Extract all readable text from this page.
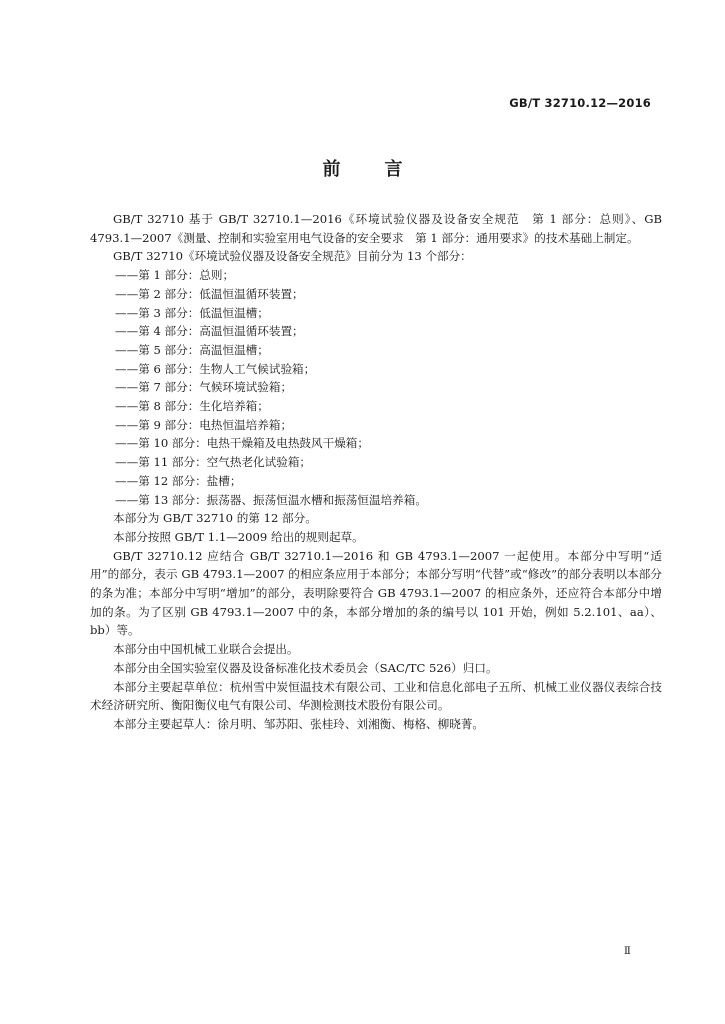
GB/T 32710.12—2016
前 言

GB/T 32710 基于 GB/T 32710.1—2016《环境试验仪器及设备安全规范　第 1 部分：总则》、GB 4793.1—2007《测量、控制和实验室用电气设备的安全要求　第 1 部分：通用要求》的技术基础上制定。

GB/T 32710《环境试验仪器及设备安全规范》目前分为 13 个部分：

——第 1 部分：总则；

——第 2 部分：低温恒温循环装置；

——第 3 部分：低温恒温槽；

——第 4 部分：高温恒温循环装置；

——第 5 部分：高温恒温槽；

——第 6 部分：生物人工气候试验箱；

——第 7 部分：气候环境试验箱；

——第 8 部分：生化培养箱；

——第 9 部分：电热恒温培养箱；

——第 10 部分：电热干燥箱及电热鼓风干燥箱；

——第 11 部分：空气热老化试验箱；

——第 12 部分：盐槽；

——第 13 部分：振荡器、振荡恒温水槽和振荡恒温培养箱。

本部分为 GB/T 32710 的第 12 部分。

本部分按照 GB/T 1.1—2009 给出的规则起草。

GB/T 32710.12 应结合 GB/T 32710.1—2016 和 GB 4793.1—2007 一起使用。本部分中写明“适用”的部分，表示 GB 4793.1—2007 的相应条应用于本部分；本部分写明“代替”或“修改”的部分表明以本部分的条为准；本部分中写明“增加”的部分，表明除要符合 GB 4793.1—2007 的相应条外，还应符合本部分中增加的条。为了区别 GB 4793.1—2007 中的条，本部分增加的条的编号以 101 开始，例如 5.2.101、aa）、bb）等。

本部分由中国机械工业联合会提出。

本部分由全国实验室仪器及设备标准化技术委员会（SAC/TC 526）归口。

本部分主要起草单位：杭州雪中炭恒温技术有限公司、工业和信息化部电子五所、机械工业仪器仪表综合技术经济研究所、衡阳衡仪电气有限公司、华测检测技术股份有限公司。

本部分主要起草人：徐月明、邹苏阳、张桂玲、刘湘衡、梅格、柳晓菁。

Ⅱ
